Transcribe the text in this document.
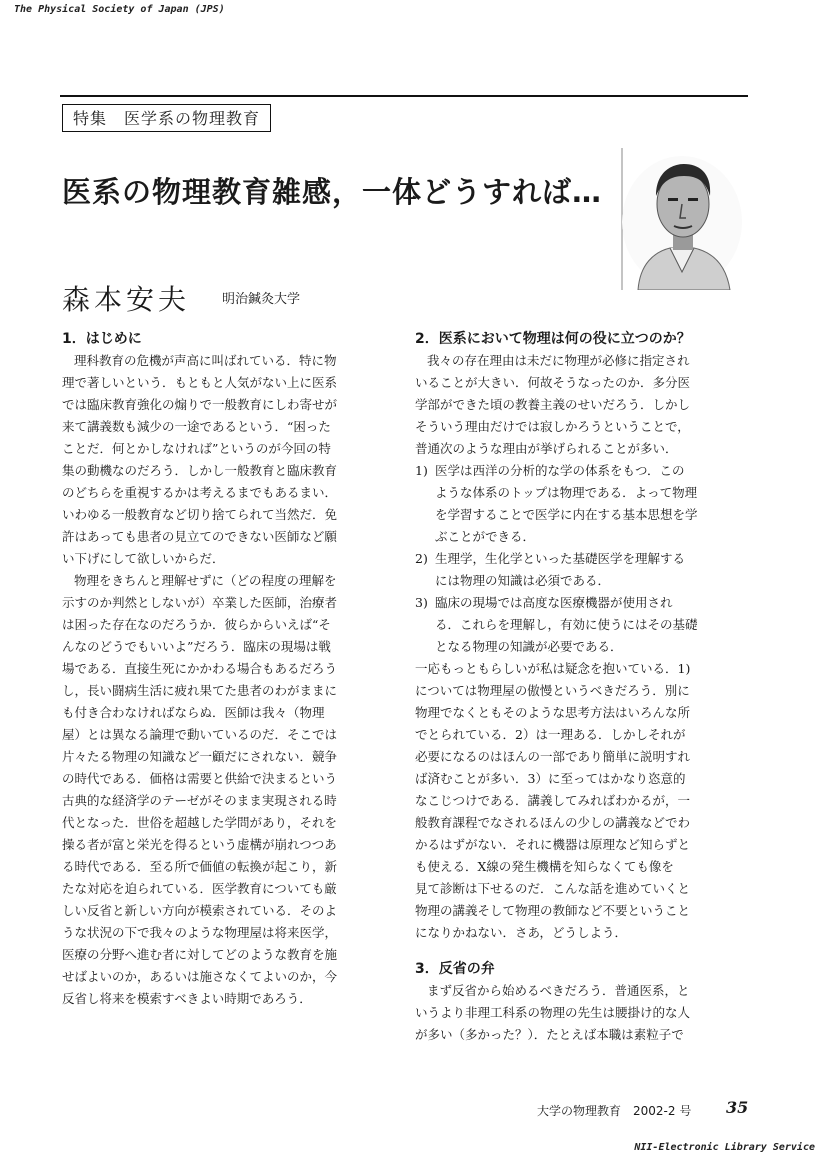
The Physical Society of Japan (JPS)
特集　医学系の物理教育
医系の物理教育雑感，一体どうすれば…
森本安夫 明治鍼灸大学
1．はじめに
理科教育の危機が声高に叫ばれている．特に物
理で著しいという．もともと人気がない上に医系
では臨床教育強化の煽りで一般教育にしわ寄せが
来て講義数も減少の一途であるという．“困った
ことだ．何とかしなければ”というのが今回の特
集の動機なのだろう．しかし一般教育と臨床教育
のどちらを重視するかは考えるまでもあるまい．
いわゆる一般教育など切り捨てられて当然だ．免
許はあっても患者の見立てのできない医師など願
い下げにして欲しいからだ．
物理をきちんと理解せずに（どの程度の理解を
示すのか判然としないが）卒業した医師，治療者
は困った存在なのだろうか．彼らからいえば“そ
んなのどうでもいいよ”だろう．臨床の現場は戦
場である．直接生死にかかわる場合もあるだろう
し，長い闘病生活に疲れ果てた患者のわがままに
も付き合わなければならぬ．医師は我々（物理
屋）とは異なる論理で動いているのだ．そこでは
片々たる物理の知識など一顧だにされない．競争
の時代である．価格は需要と供給で決まるという
古典的な経済学のテーゼがそのまま実現される時
代となった．世俗を超越した学問があり，それを
操る者が富と栄光を得るという虚構が崩れつつあ
る時代である．至る所で価値の転換が起こり，新
たな対応を迫られている．医学教育についても厳
しい反省と新しい方向が模索されている．そのよ
うな状況の下で我々のような物理屋は将来医学，
医療の分野へ進む者に対してどのような教育を施
せばよいのか，あるいは施さなくてよいのか，今
反省し将来を模索すべきよい時期であろう．
2．医系において物理は何の役に立つのか？
我々の存在理由は未だに物理が必修に指定され
いることが大きい．何故そうなったのか．多分医
学部ができた頃の教養主義のせいだろう．しかし
そういう理由だけでは寂しかろうということで，
普通次のような理由が挙げられることが多い．
1) 医学は西洋の分析的な学の体系をもつ．この
ような体系のトップは物理である．よって物理
を学習することで医学に内在する基本思想を学
ぶことができる．
2) 生理学，生化学といった基礎医学を理解する
には物理の知識は必須である．
3) 臨床の現場では高度な医療機器が使用され
る．これらを理解し，有効に使うにはその基礎
となる物理の知識が必要である．
一応もっともらしいが私は疑念を抱いている．1)
については物理屋の傲慢というべきだろう．別に
物理でなくともそのような思考方法はいろんな所
でとられている．2）は一理ある．しかしそれが
必要になるのはほんの一部であり簡単に説明すれ
ば済むことが多い．3）に至ってはかなり恣意的
なこじつけである．講義してみればわかるが，一
般教育課程でなされるほんの少しの講義などでわ
かるはずがない．それに機器は原理など知らずと
も使える．X線の発生機構を知らなくても像を
見て診断は下せるのだ．こんな話を進めていくと
物理の講義そして物理の教師など不要ということ
になりかねない．さあ，どうしよう．
3．反省の弁
まず反省から始めるべきだろう．普通医系，と
いうより非理工科系の物理の先生は腰掛け的な人
が多い（多かった？）．たとえば本職は素粒子で
大学の物理教育　2002-2 号 35
NII-Electronic Library Service
